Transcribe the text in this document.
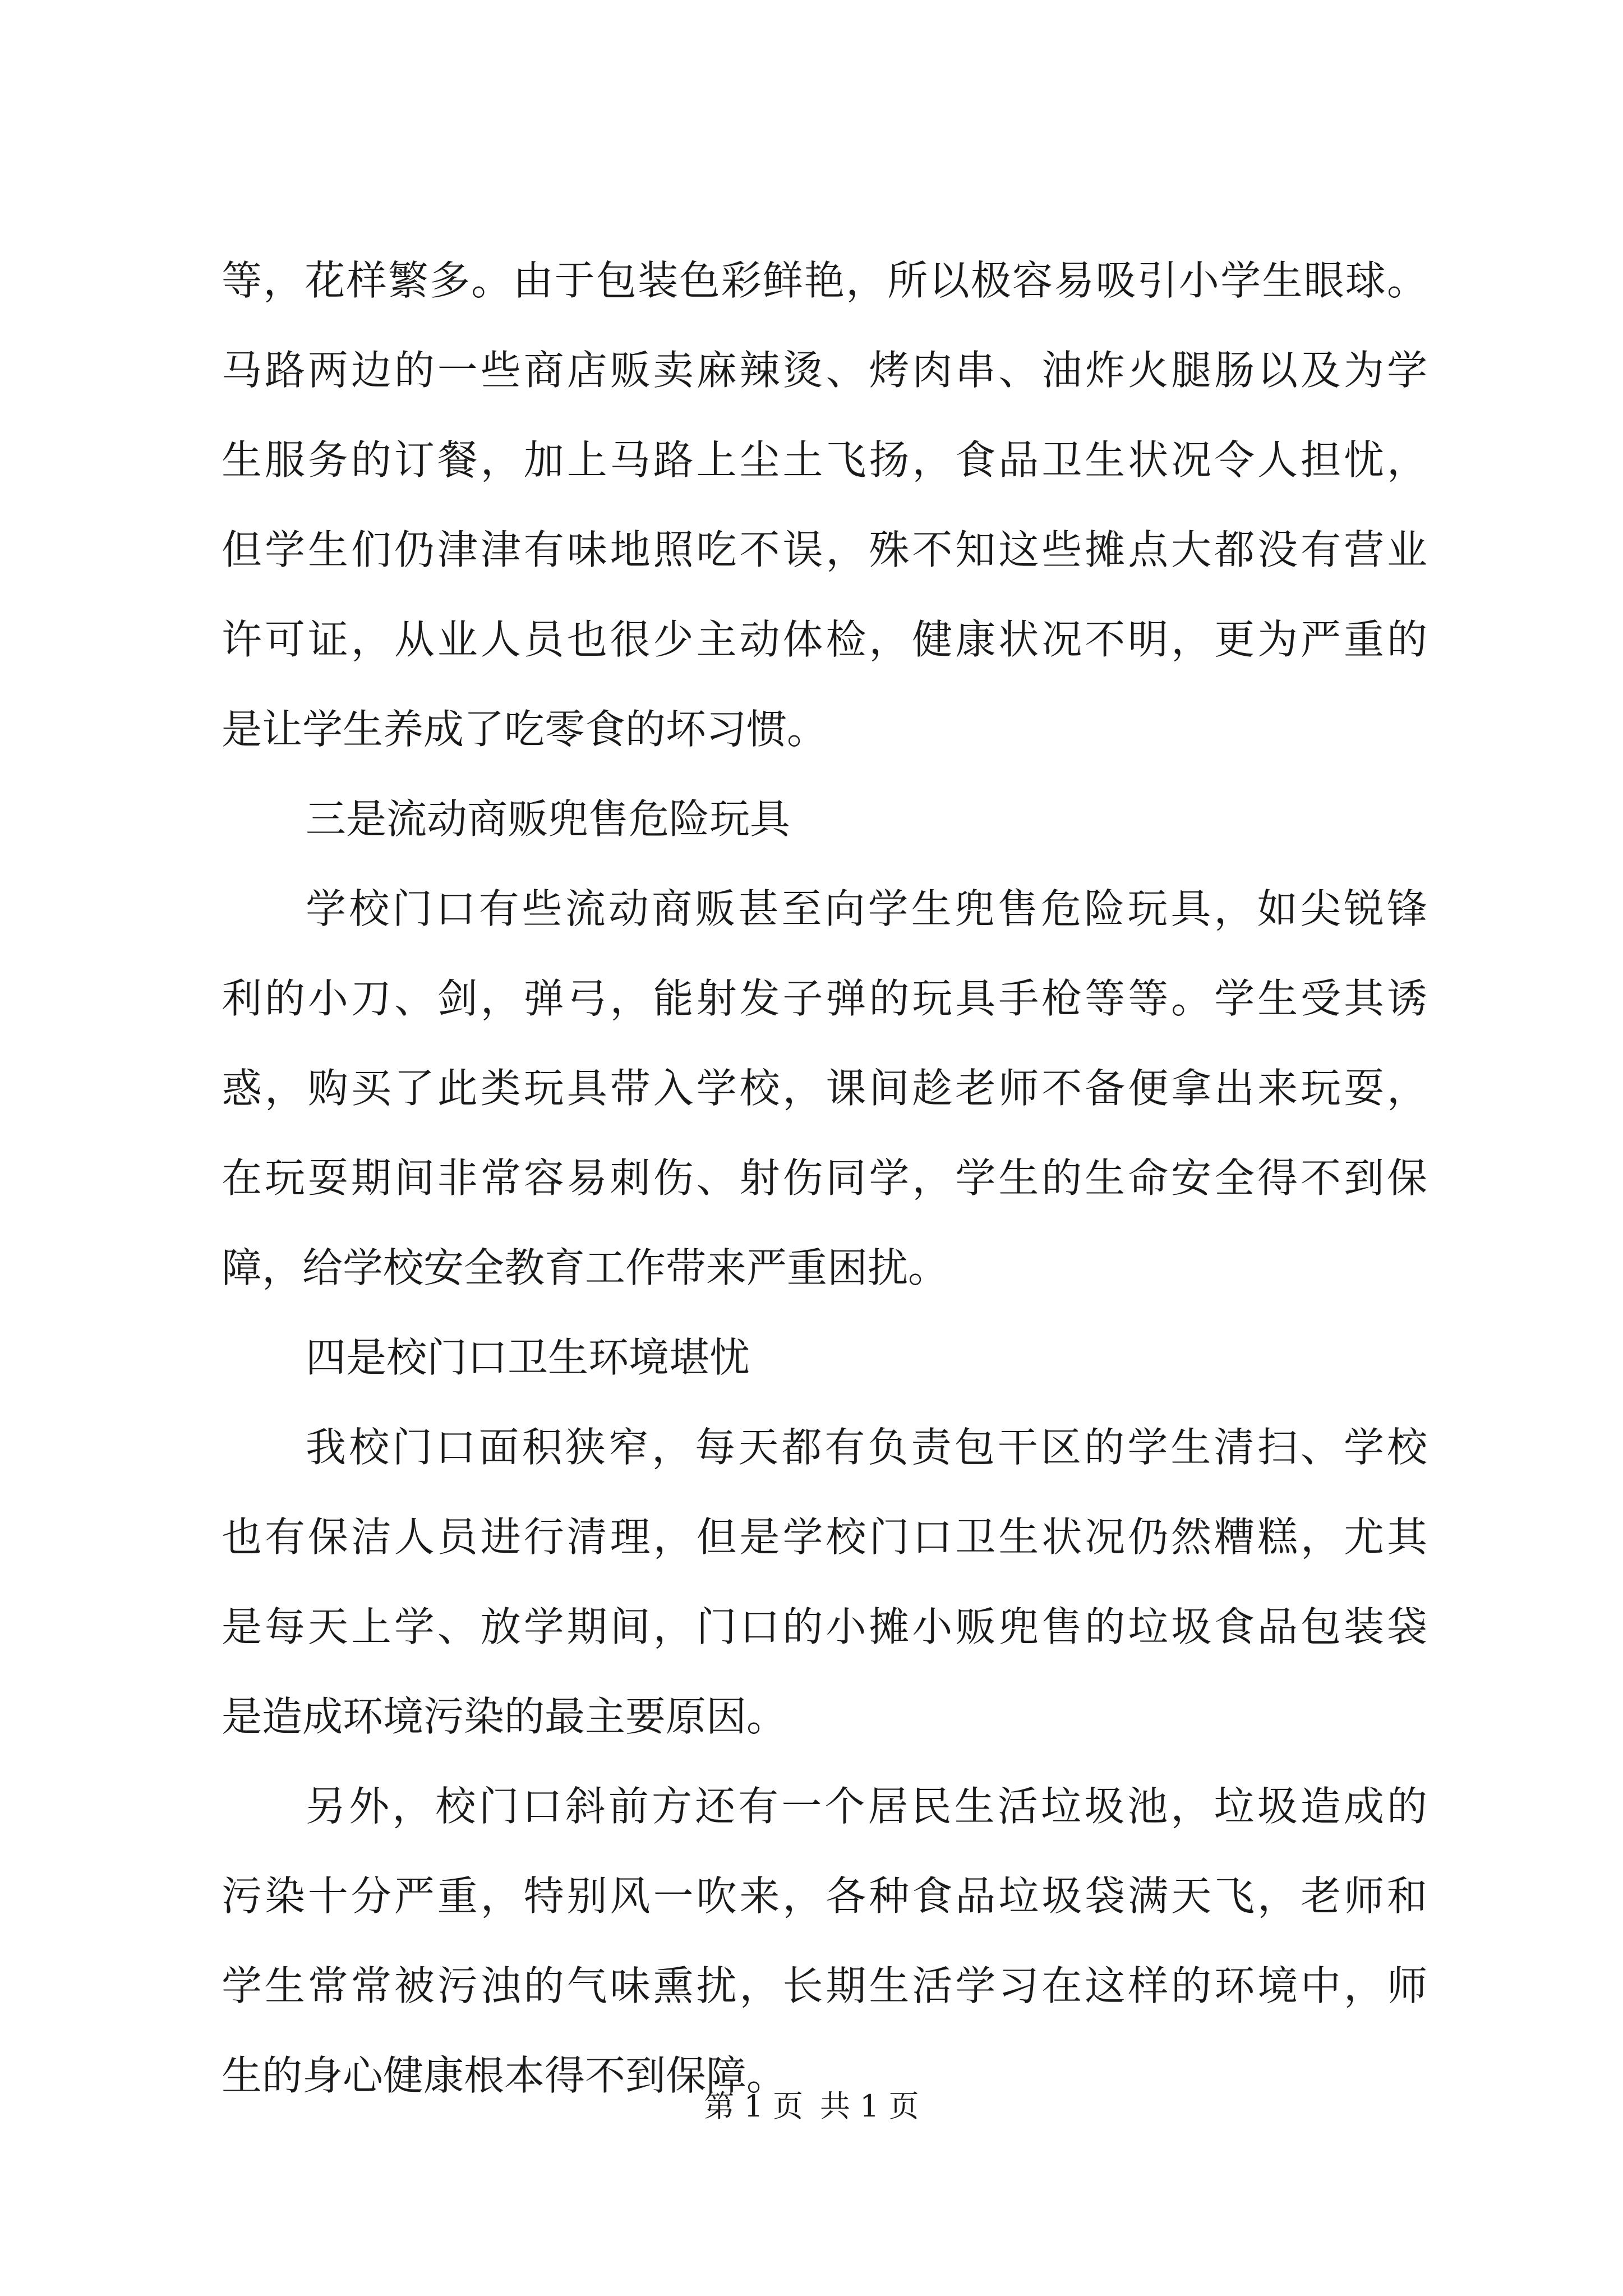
等，花样繁多。由于包装色彩鲜艳，所以极容易吸引小学生眼球。
马路两边的一些商店贩卖麻辣烫、烤肉串、油炸火腿肠以及为学
生服务的订餐，加上马路上尘土飞扬，食品卫生状况令人担忧，
但学生们仍津津有味地照吃不误，殊不知这些摊点大都没有营业
许可证，从业人员也很少主动体检，健康状况不明，更为严重的
是让学生养成了吃零食的坏习惯。
三是流动商贩兜售危险玩具
学校门口有些流动商贩甚至向学生兜售危险玩具，如尖锐锋
利的小刀、剑，弹弓，能射发子弹的玩具手枪等等。学生受其诱
惑，购买了此类玩具带入学校，课间趁老师不备便拿出来玩耍，
在玩耍期间非常容易刺伤、射伤同学，学生的生命安全得不到保
障，给学校安全教育工作带来严重困扰。
四是校门口卫生环境堪忧
我校门口面积狭窄，每天都有负责包干区的学生清扫、学校
也有保洁人员进行清理，但是学校门口卫生状况仍然糟糕，尤其
是每天上学、放学期间，门口的小摊小贩兜售的垃圾食品包装袋
是造成环境污染的最主要原因。
另外，校门口斜前方还有一个居民生活垃圾池，垃圾造成的
污染十分严重，特别风一吹来，各种食品垃圾袋满天飞，老师和
学生常常被污浊的气味熏扰，长期生活学习在这样的环境中，师
生的身心健康根本得不到保障。
第 1 页 共 1 页
